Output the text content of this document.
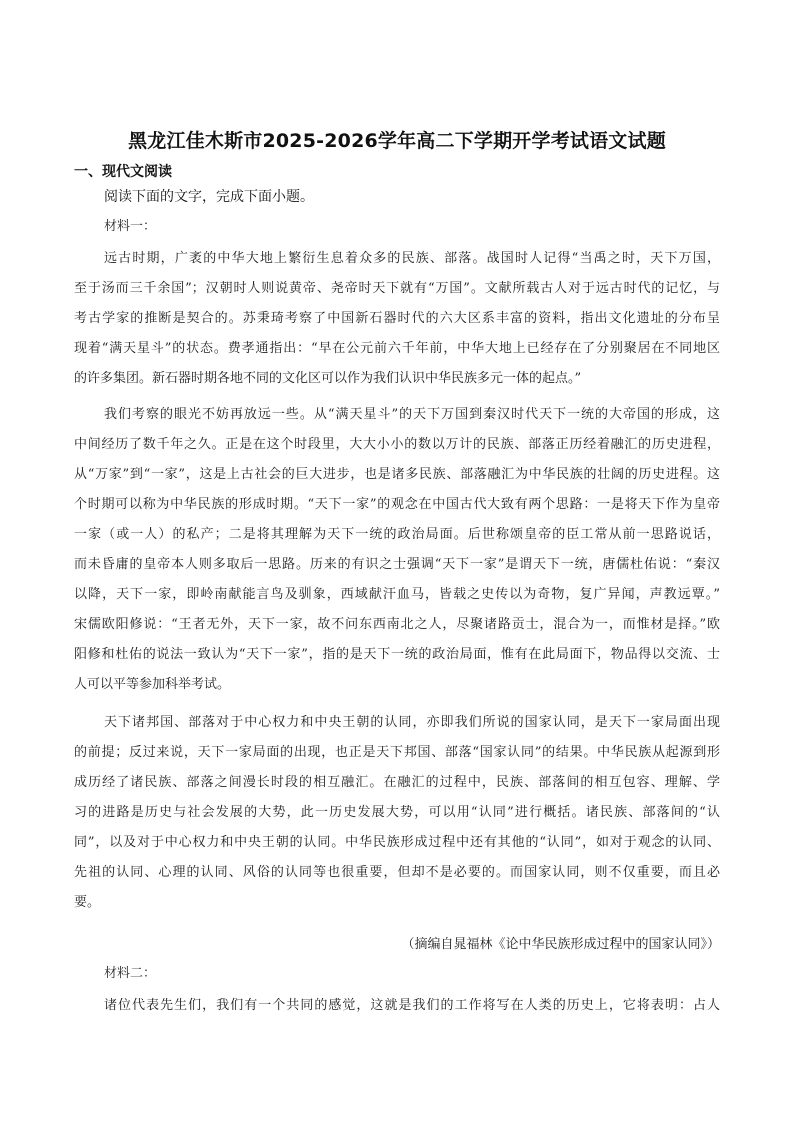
黑龙江佳木斯市2025-2026学年高二下学期开学考试语文试题
一、现代文阅读
阅读下面的文字，完成下面小题。
材料一：
远古时期，广袤的中华大地上繁衍生息着众多的民族、部落。战国时人记得“当禹之时，天下万国，
至于汤而三千余国”；汉朝时人则说黄帝、尧帝时天下就有“万国”。文献所载古人对于远古时代的记忆，与
考古学家的推断是契合的。苏秉琦考察了中国新石器时代的六大区系丰富的资料，指出文化遗址的分布呈
现着“满天星斗”的状态。费孝通指出：“早在公元前六千年前，中华大地上已经存在了分别聚居在不同地区
的许多集团。新石器时期各地不同的文化区可以作为我们认识中华民族多元一体的起点。”
我们考察的眼光不妨再放远一些。从“满天星斗”的天下万国到秦汉时代天下一统的大帝国的形成，这
中间经历了数千年之久。正是在这个时段里，大大小小的数以万计的民族、部落正历经着融汇的历史进程，
从“万家”到“一家”，这是上古社会的巨大进步，也是诸多民族、部落融汇为中华民族的壮阔的历史进程。这
个时期可以称为中华民族的形成时期。“天下一家”的观念在中国古代大致有两个思路：一是将天下作为皇帝
一家（或一人）的私产；二是将其理解为天下一统的政治局面。后世称颂皇帝的臣工常从前一思路说话，
而未昏庸的皇帝本人则多取后一思路。历来的有识之士强调“天下一家”是谓天下一统，唐儒杜佑说：“秦汉
以降，天下一家，即岭南献能言鸟及驯象，西域献汗血马，皆载之史传以为奇物，复广异闻，声教远覃。”
宋儒欧阳修说：“王者无外，天下一家，故不问东西南北之人，尽聚诸路贡士，混合为一，而惟材是择。”欧
阳修和杜佑的说法一致认为“天下一家”，指的是天下一统的政治局面，惟有在此局面下，物品得以交流、士
人可以平等参加科举考试。
天下诸邦国、部落对于中心权力和中央王朝的认同，亦即我们所说的国家认同，是天下一家局面出现
的前提；反过来说，天下一家局面的出现，也正是天下邦国、部落“国家认同”的结果。中华民族从起源到形
成历经了诸民族、部落之间漫长时段的相互融汇。在融汇的过程中，民族、部落间的相互包容、理解、学
习的进路是历史与社会发展的大势，此一历史发展大势，可以用“认同”进行概括。诸民族、部落间的“认
同”，以及对于中心权力和中央王朝的认同。中华民族形成过程中还有其他的“认同”，如对于观念的认同、
先祖的认同、心理的认同、风俗的认同等也很重要，但却不是必要的。而国家认同，则不仅重要，而且必
要。
（摘编自晁福林《论中华民族形成过程中的国家认同》）
材料二：
诸位代表先生们，我们有一个共同的感觉，这就是我们的工作将写在人类的历史上，它将表明：占人
